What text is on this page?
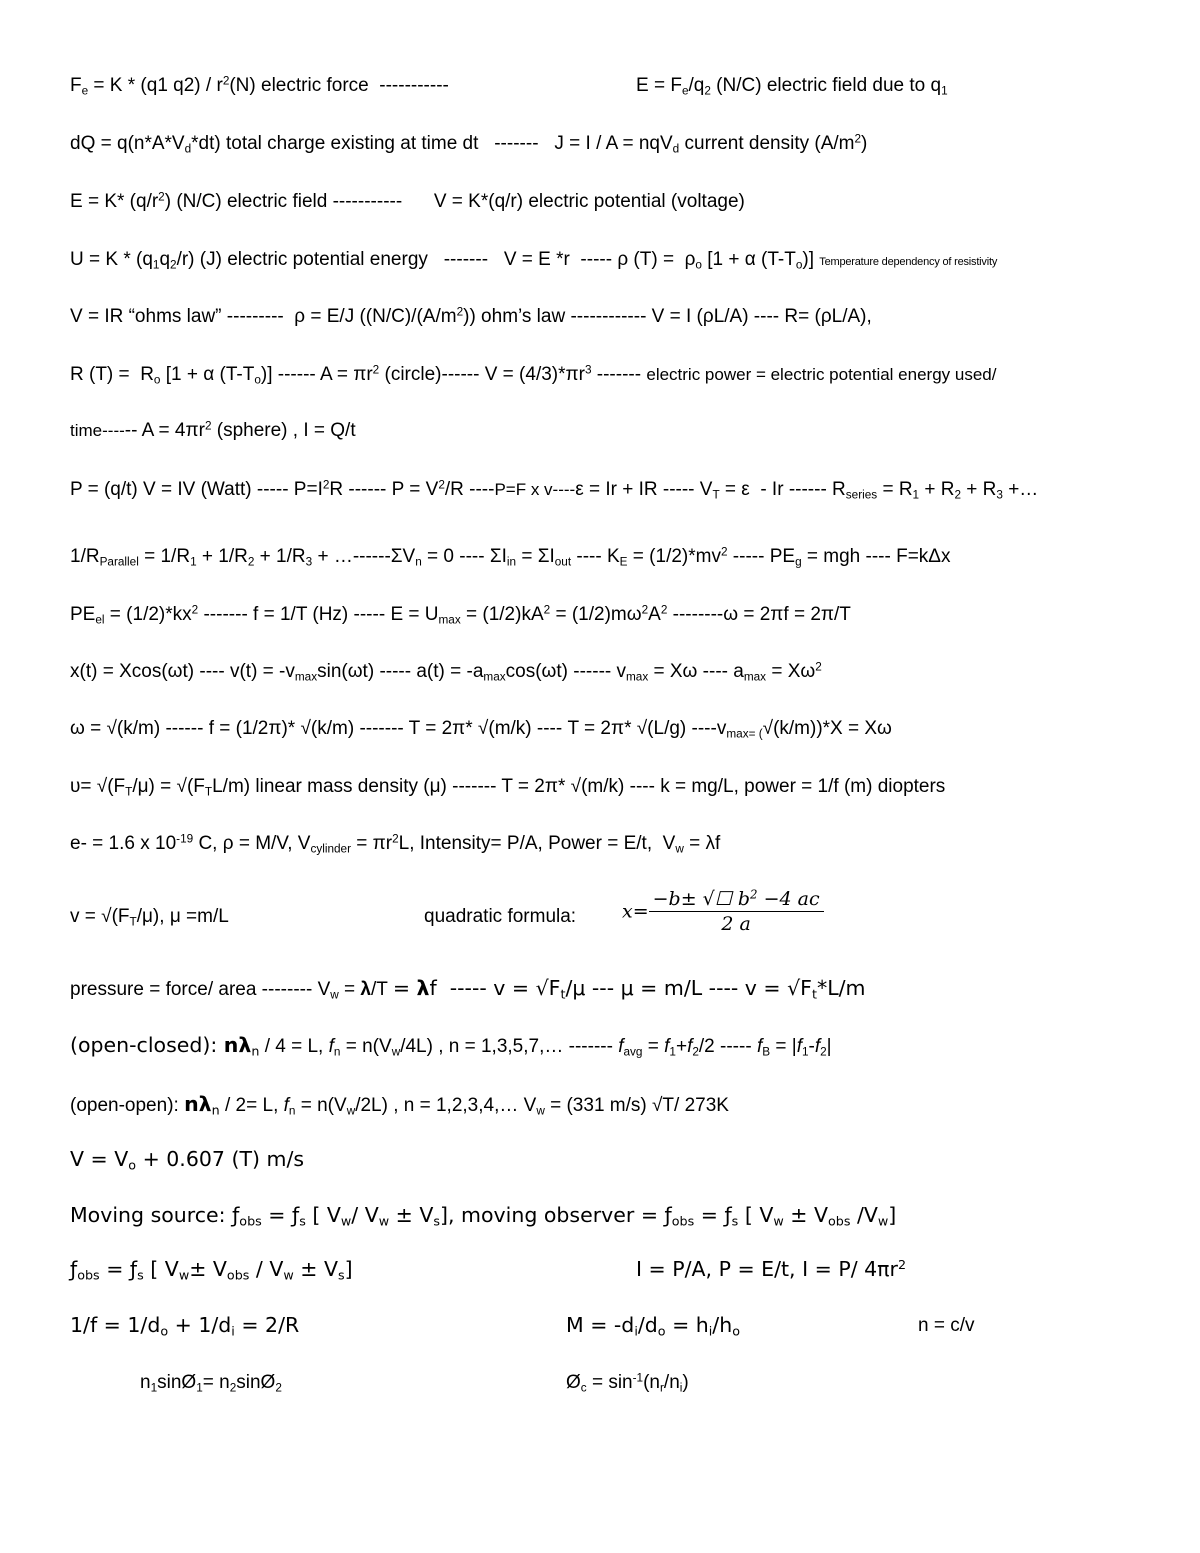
$F_e = K * (q1$ $q2) / r^2(N)$ electric force  -----------	$E = F_e/q_2$ (N/C) electric field due to $q_1$
dQ = $q(n*A*V_d*dt)$ total charge existing at time dt   -------   J = I / A = nqV$_d$ current density $(A/m^2)$
E = K* $(q/r^2)$ (N/C) electric field -----------      V = K*(q/r) electric potential (voltage)
$U = K * (q_1q_2/r)$ (J) electric potential energy   -------   V = E *r  ----- ρ $(T) = \rho_o$ [1 + α $(T-T_o)$] Temperature dependency of resistivity
V = IR “ohms law” ---------  ρ = E/J $((N/C)/(A/m^2))$ ohm’s law ------------ V = I (ρL/A) ---- R= (ρL/A),
R $(T) = R_o$ [1 + α $(T-T_o)$] ------ $A = \pi r^2$ (circle)------ $V = (4/3)*\pi r^3$ ------- electric power = electric potential energy used/
time------ $A = 4\pi r^2$ (sphere) , I = Q/t
P = (q/t) V = IV (Watt) ----- $P=I^2R$ ------ $P = V^2/R$ ----P=F x v----ε = Ir + IR ----- $V_T = \varepsilon - Ir$ ------ $R_{series} = R_1 + R_2 + R_3$ +…
$1/R_{Parallel} = 1/R_1 + 1/R_2 + 1/R_3$ + $\dots------\Sigma V_n = 0$ ---- $\Sigma I_{in} = \Sigma I_{out}$ ---- $K_E = (1/2)*mv^2$ ----- $PE_g$ = mgh ---- F=kΔx
$PE_{el} = (1/2)*kx^2$ ------- f = 1/T (Hz) ----- $E = U_{max} = (1/2)kA^2 = (1/2)m\omega^2A^2$ --------ω = 2πf = 2π/T
x(t) = Xcos(ωt) ---- $v(t) = -v_{max}\sin(\omega t)$ ----- $a(t) = -a_{max}\cos(\omega t)$ ------ $v_{max} = X\omega$ ---- $a_{max} = X\omega^2$
ω = √(k/m) ------ f = (1/2π)* √(k/m) ------- T = 2π* √(m/k) ---- T = 2π* √(L/g) $----v_{max= (}√(k/m))*X = X\omega$
$\upsilon= √(F_T/\mu) = √(F_TL/m)$ linear mass density (μ) ------- T = 2π* √(m/k) ---- k = mg/L, power = 1/f (m) diopters
e- = 1.6 x $10^{-19}$ C, ρ = M/V, $V_{cylinder} = \pi r^2L$, Intensity= P/A, Power = E/t,  $V_w = \lambda f$
$v = √(F_T/\mu)$, μ =m/L	quadratic formula: $x= \frac{-b\pm √☐ b^2 -4 ac}{2 a}$
pressure = force/ area -------- $V_w = \lambda/T = \lambda f$  ----- $v = √F_t/\mu$ --- μ = m/L ---- $v = √F_t*L/m$
(open-closed): $n\lambda_n / 4 = L$, $f_n = n(V_w/4L)$ , n = 1,3,5,7,… ------- $f_{avg} = f_1+f_2/2$ ----- $f_B = |f_1-f_2|$
(open-open): $n\lambda_n / 2= L$, $f_n = n(V_w/2L)$ , n = 1,2,3,4,… $V_w = (331$ m/s) √T/ 273K
$V = V_o + 0.607$ (T) m/s
Moving source: $ƒ_{obs}$ = $ƒ_s$ [ $V_w/$ $V_w \pm V_s$], moving observer = $ƒ_{obs}$ = $ƒ_s$ [ $V_w \pm V_{obs}$ $/V_w$]
$ƒ_{obs}$ = $ƒ_s$ [ $V_w\pm V_{obs} / V_w \pm V_s$]	I = P/A, P = E/t, I = P/ $4\pi r^2$
$1/f = 1/d_o + 1/d_i = 2/R$	$M = -d_i/d_o = h_i/h_o$	n = c/v
$n_1\sin Ø_1=$ $n_2\sin Ø_2$	$Ø_c = \sin^{-1}(n_r/n_i)$
